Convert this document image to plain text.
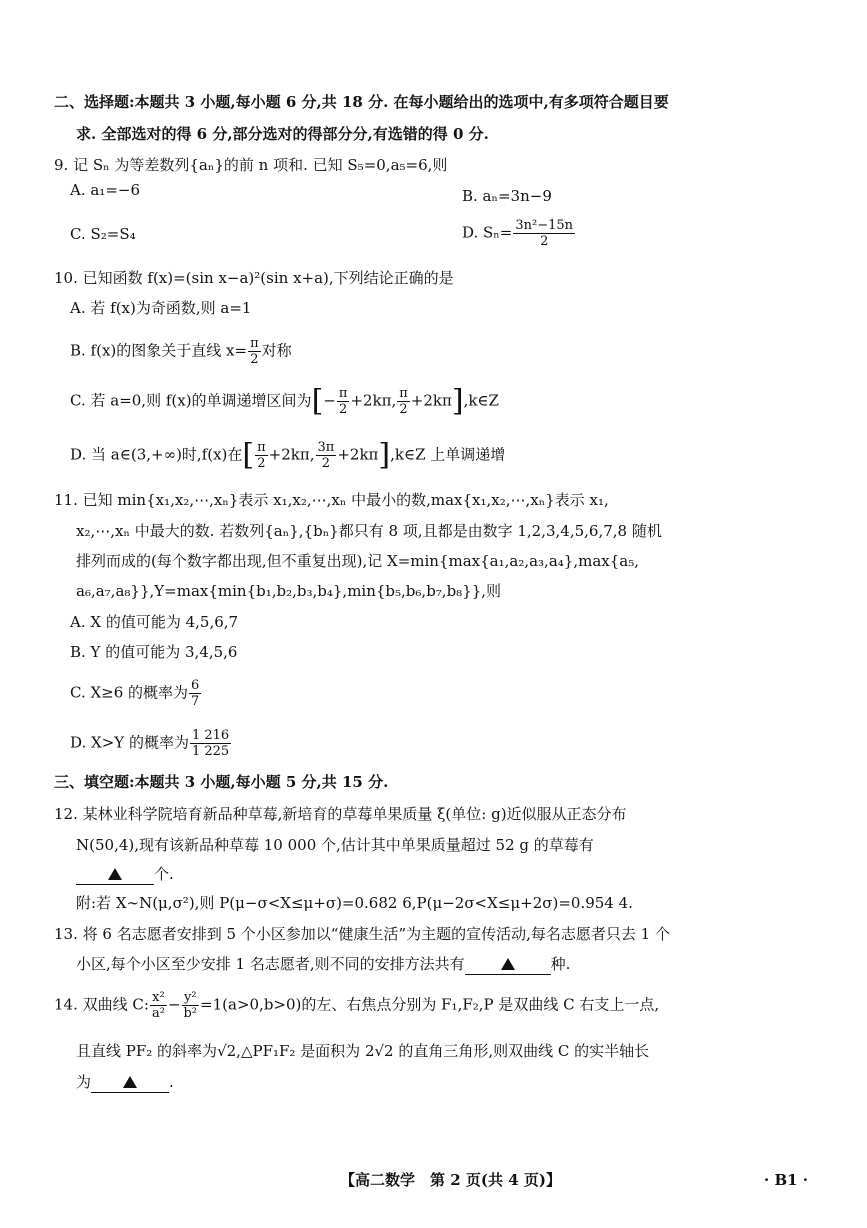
二、选择题:本题共 3 小题,每小题 6 分,共 18 分. 在每小题给出的选项中,有多项符合题目要
求. 全部选对的得 6 分,部分选对的得部分分,有选错的得 0 分.
9. 记 Sₙ 为等差数列{aₙ}的前 n 项和. 已知 S₅=0,a₅=6,则
A. a₁=−6	B. aₙ=3n−9
C. S₂=S₄	D. $S_n= \frac{\text{3n²−15n}}{2}$
10. 已知函数 f(x)=(sin x−a)²(sin x+a),下列结论正确的是
A. 若 f(x)为奇函数,则 a=1
B. f(x)的图象关于直线 $x= \frac{\pi}{2}$ 对称
C. 若 a=0,则 f(x)的单调递增区间为[− $\frac{\pi}{2} +2k\pi$, $\frac{\pi}{2}$ +2kπ],k∈Z
D. 当 a∈(3,+∞)时,f(x)在[ $\frac{\pi}{2} +2k\pi$, $\frac{3\pi}{2}$ +2kπ],k∈Z 上单调递增
11. 已知 min{x₁,x₂,⋯,xₙ}表示 x₁,x₂,⋯,xₙ 中最小的数,max{x₁,x₂,⋯,xₙ}表示 x₁,
x₂,⋯,xₙ 中最大的数. 若数列{aₙ},{bₙ}都只有 8 项,且都是由数字 1,2,3,4,5,6,7,8 随机
排列而成的(每个数字都出现,但不重复出现),记 X=min{max{a₁,a₂,a₃,a₄},max{a₅,
a₆,a₇,a₈}},Y=max{min{b₁,b₂,b₃,b₄},min{b₅,b₆,b₇,b₈}},则
A. X 的值可能为 4,5,6,7
B. Y 的值可能为 3,4,5,6
C. X≥6 的概率为 $\frac{6}{7}$
D. X>Y 的概率为 $\frac{1 216}{1 225}$
三、填空题:本题共 3 小题,每小题 5 分,共 15 分.
12. 某林业科学院培育新品种草莓,新培育的草莓单果质量 ξ(单位: g)近似服从正态分布
N(50,4),现有该新品种草莓 10 000 个,估计其中单果质量超过 52 g 的草莓有
个.
附:若 X∼N(μ,σ²),则 P(μ−σ<X≤μ+σ)=0.682 6,P(μ−2σ<X≤μ+2σ)=0.954 4.
13. 将 6 名志愿者安排到 5 个小区参加以“健康生活”为主题的宣传活动,每名志愿者只去 1 个
小区,每个小区至少安排 1 名志愿者,则不同的安排方法共有	种.
14. 双曲线 C: $\frac{\text{x²}}{\text{a²}} - \frac{\text{y²}}{\text{b²}} =1(a>0,b>0)$的左、右焦点分别为 F₁,F₂,P 是双曲线 C 右支上一点,
且直线 PF₂ 的斜率为√2,△PF₁F₂ 是面积为 2√2 的直角三角形,则双曲线 C 的实半轴长
为	.
【高二数学　第 2 页(共 4 页)】	· B1 ·
